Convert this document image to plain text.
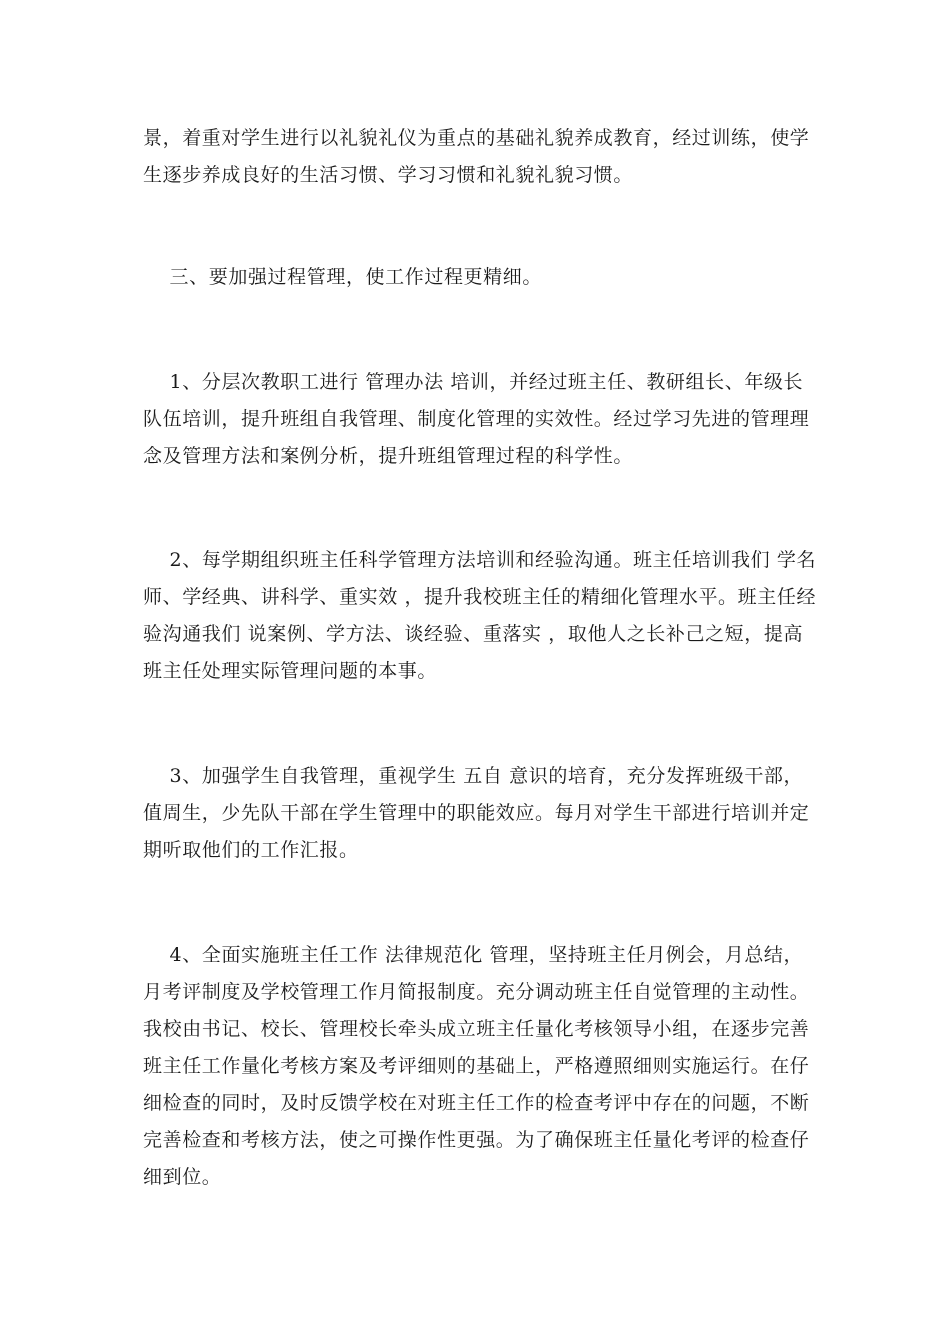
景，着重对学生进行以礼貌礼仪为重点的基础礼貌养成教育，经过训练，使学
生逐步养成良好的生活习惯、学习习惯和礼貌礼貌习惯。
三、要加强过程管理，使工作过程更精细。
1、分层次教职工进行 管理办法 培训，并经过班主任、教研组长、年级长
队伍培训，提升班组自我管理、制度化管理的实效性。经过学习先进的管理理
念及管理方法和案例分析，提升班组管理过程的科学性。
2、每学期组织班主任科学管理方法培训和经验沟通。班主任培训我们 学名
师、学经典、讲科学、重实效 ，提升我校班主任的精细化管理水平。班主任经
验沟通我们 说案例、学方法、谈经验、重落实 ，取他人之长补己之短，提高
班主任处理实际管理问题的本事。
3、加强学生自我管理，重视学生 五自 意识的培育，充分发挥班级干部，
值周生，少先队干部在学生管理中的职能效应。每月对学生干部进行培训并定
期听取他们的工作汇报。
4、全面实施班主任工作 法律规范化 管理，坚持班主任月例会，月总结，
月考评制度及学校管理工作月简报制度。充分调动班主任自觉管理的主动性。
我校由书记、校长、管理校长牵头成立班主任量化考核领导小组，在逐步完善
班主任工作量化考核方案及考评细则的基础上，严格遵照细则实施运行。在仔
细检查的同时，及时反馈学校在对班主任工作的检查考评中存在的问题，不断
完善检查和考核方法，使之可操作性更强。为了确保班主任量化考评的检查仔
细到位。
